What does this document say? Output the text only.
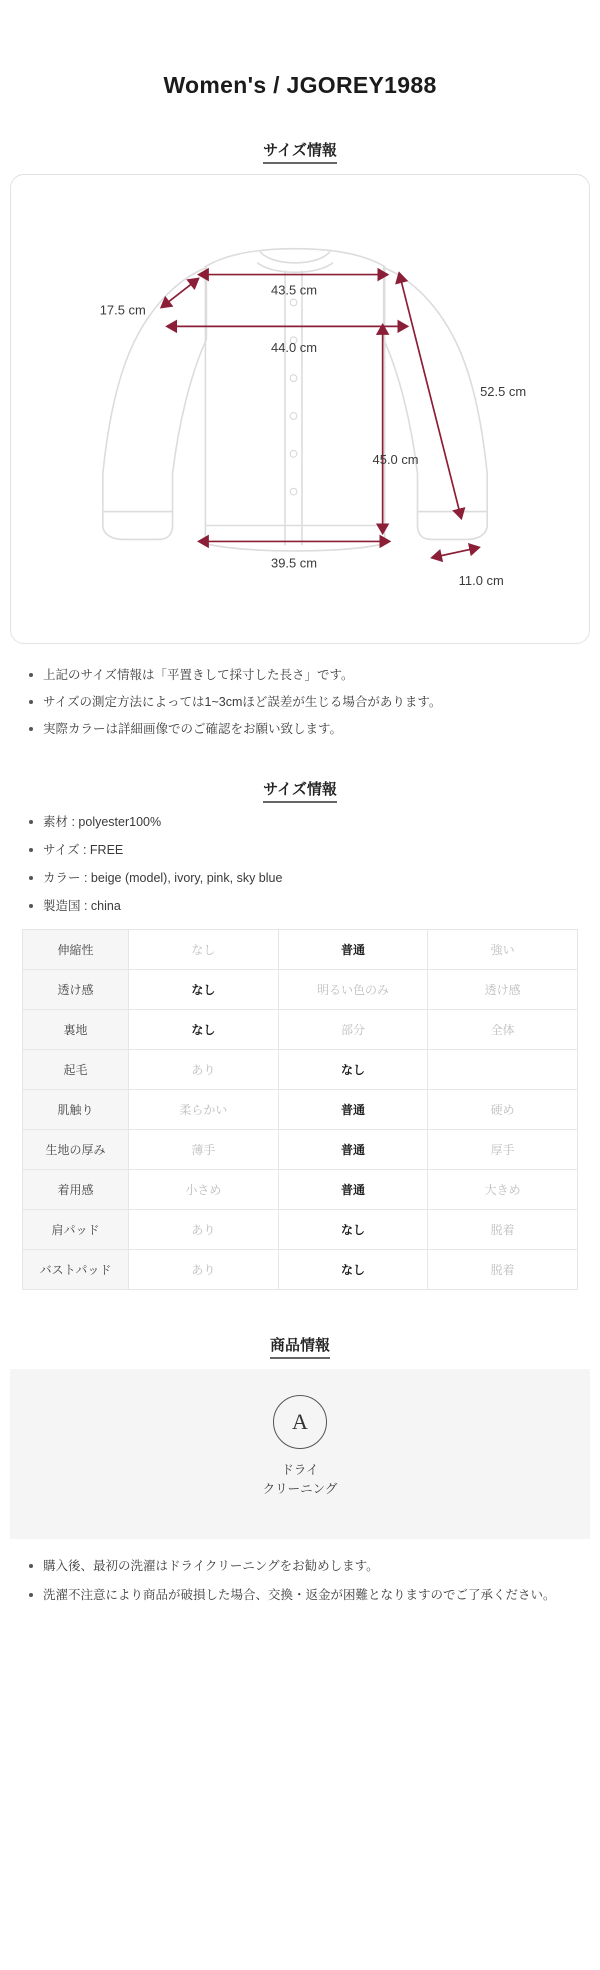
Women's / JGOREY1988
サイズ情報
17.5 cm
43.5 cm
44.0 cm
52.5 cm
45.0 cm
39.5 cm
11.0 cm
上記のサイズ情報は「平置きして採寸した長さ」です。
サイズの測定方法によっては1~3cmほど誤差が生じる場合があります。
実際カラーは詳細画像でのご確認をお願い致します。
サイズ情報
素材 : polyester100%
サイズ : FREE
カラー : beige (model), ivory, pink, sky blue
製造国 : china
伸縮性	なし	普通	強い
透け感	なし	明るい色のみ	透け感
裏地	なし	部分	全体
起毛	あり	なし	
肌触り	柔らかい	普通	硬め
生地の厚み	薄手	普通	厚手
着用感	小さめ	普通	大きめ
肩パッド	あり	なし	脱着
バストパッド	あり	なし	脱着
商品情報
A
ドライ
クリーニング
購入後、最初の洗濯はドライクリーニングをお勧めします。
洗濯不注意により商品が破損した場合、交換・返金が困難となりますのでご了承ください。
